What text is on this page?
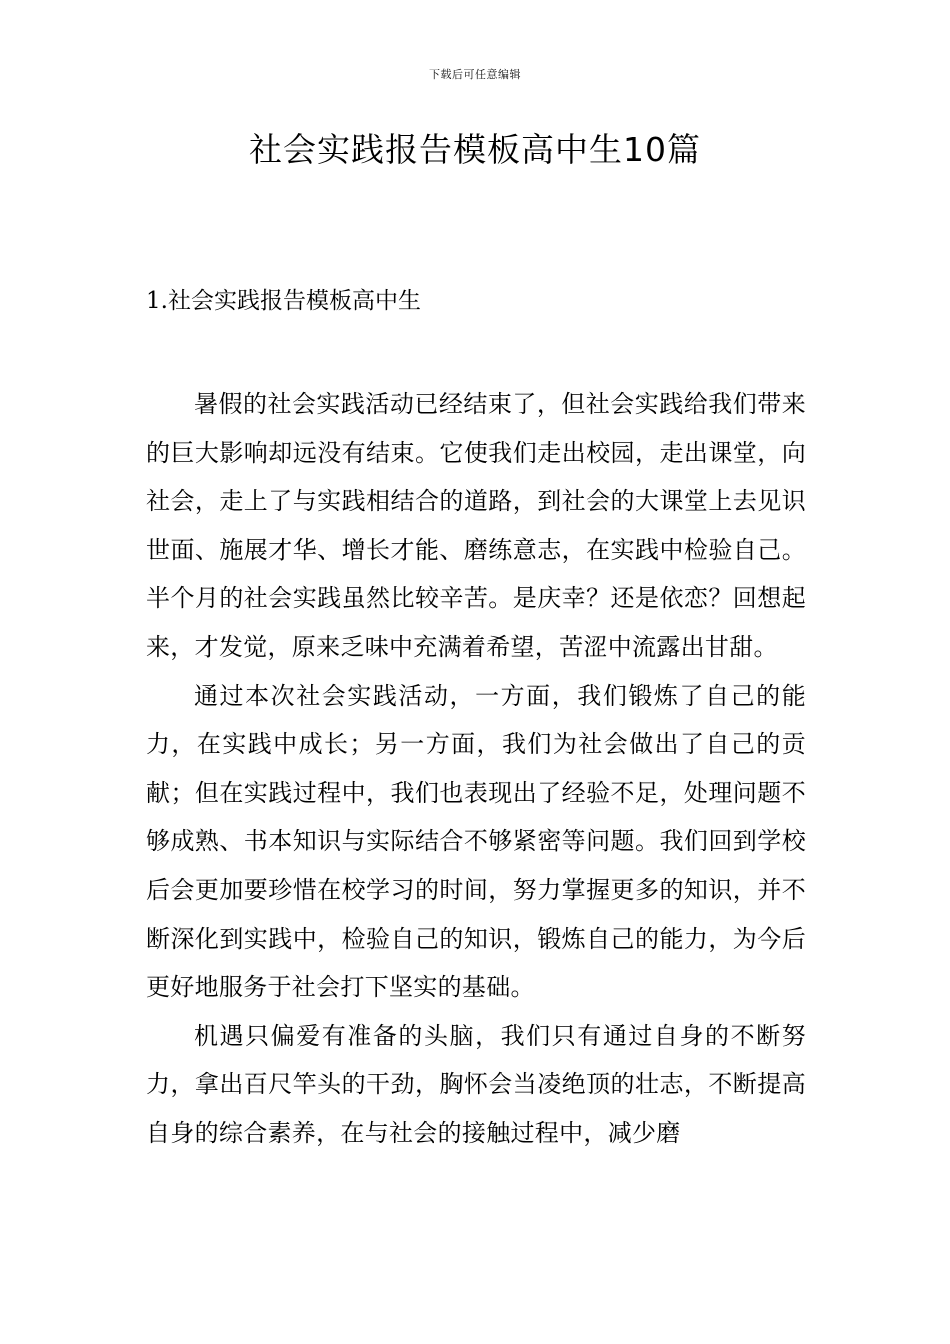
下载后可任意编辑
社会实践报告模板高中生10篇
1.社会实践报告模板高中生

暑假的社会实践活动已经结束了，但社会实践给我们带来的巨大影响却远没有结束。它使我们走出校园，走出课堂，向社会，走上了与实践相结合的道路，到社会的大课堂上去见识世面、施展才华、增长才能、磨练意志，在实践中检验自己。半个月的社会实践虽然比较辛苦。是庆幸？还是依恋？回想起来，才发觉，原来乏味中充满着希望，苦涩中流露出甘甜。

通过本次社会实践活动，一方面，我们锻炼了自己的能力，在实践中成长；另一方面，我们为社会做出了自己的贡献；但在实践过程中，我们也表现出了经验不足，处理问题不够成熟、书本知识与实际结合不够紧密等问题。我们回到学校后会更加要珍惜在校学习的时间，努力掌握更多的知识，并不断深化到实践中，检验自己的知识，锻炼自己的能力，为今后更好地服务于社会打下坚实的基础。

机遇只偏爱有准备的头脑，我们只有通过自身的不断努力，拿出百尺竿头的干劲，胸怀会当凌绝顶的壮志，不断提高自身的综合素养，在与社会的接触过程中，减少磨
